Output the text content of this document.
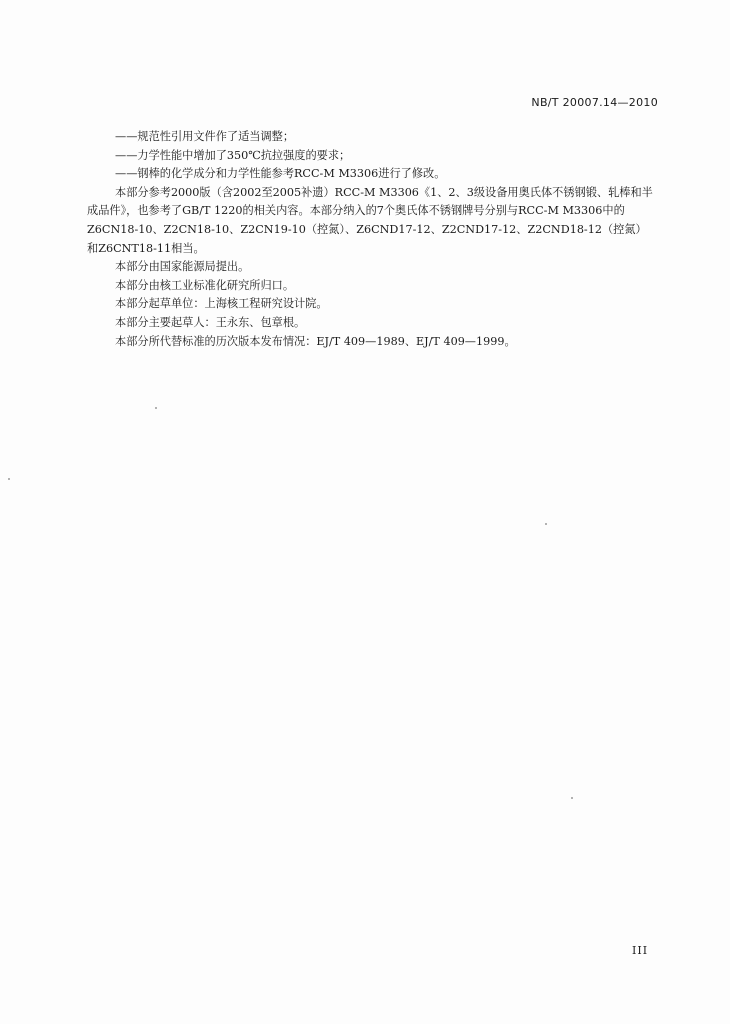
NB/T 20007.14—2010

——规范性引用文件作了适当调整；

——力学性能中增加了350℃抗拉强度的要求；

——钢棒的化学成分和力学性能参考RCC-M M3306进行了修改。

本部分参考2000版（含2002至2005补遗）RCC-M M3306《1、2、3级设备用奥氏体不锈钢锻、轧棒和半成品件》，也参考了GB/T 1220的相关内容。本部分纳入的7个奥氏体不锈钢牌号分别与RCC-M M3306中的Z6CN18-10、Z2CN18-10、Z2CN19-10（控氮）、Z6CND17-12、Z2CND17-12、Z2CND18-12（控氮）和Z6CNT18-11相当。

本部分由国家能源局提出。

本部分由核工业标准化研究所归口。

本部分起草单位：上海核工程研究设计院。

本部分主要起草人：王永东、包章根。

本部分所代替标准的历次版本发布情况：EJ/T 409—1989、EJ/T 409—1999。

III
